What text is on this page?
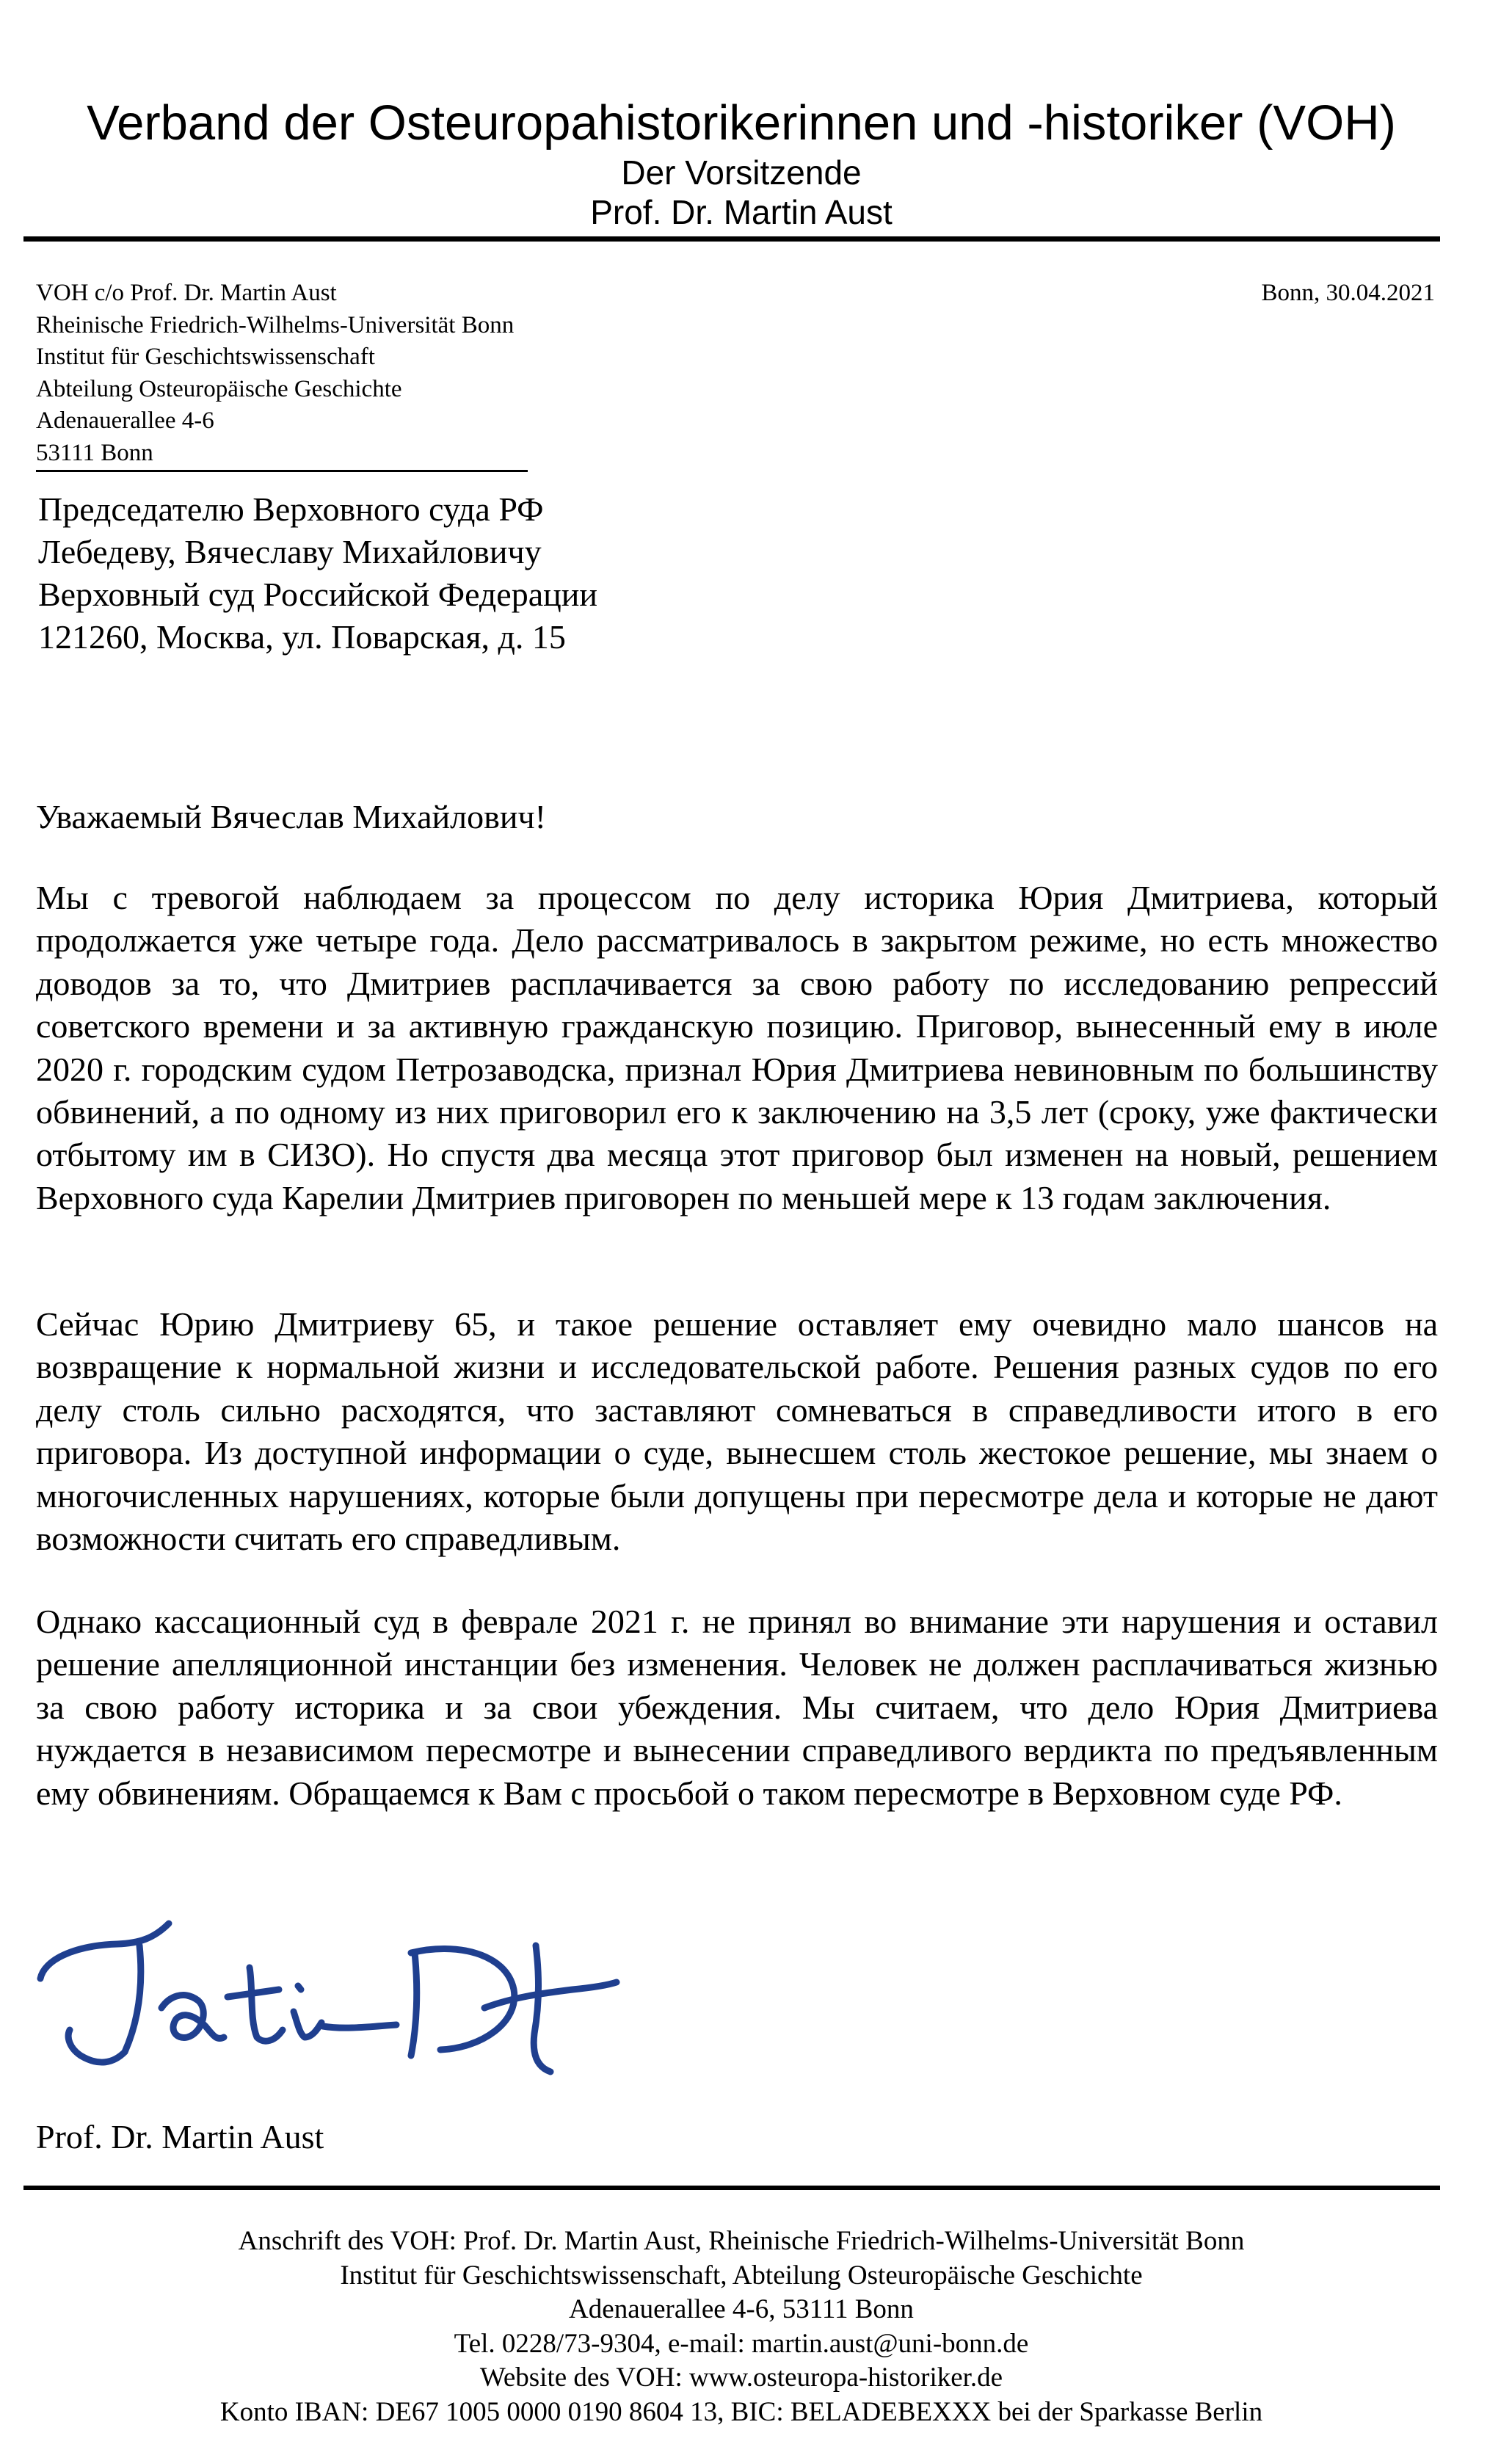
Verband der Osteuropahistorikerinnen und -historiker (VOH)
Der Vorsitzende
Prof. Dr. Martin Aust
VOH c/o Prof. Dr. Martin Aust
Rheinische Friedrich-Wilhelms-Universität Bonn
Institut für Geschichtswissenschaft
Abteilung Osteuropäische Geschichte
Adenauerallee 4-6
53111 Bonn
Bonn, 30.04.2021
Председателю Верховного суда РФ
Лебедеву, Вячеславу Михайловичу
Верховный суд Российской Федерации
121260, Москва, ул. Поварская, д. 15
Уважаемый Вячеслав Михайлович!
Мы с тревогой наблюдаем за процессом по делу историка Юрия Дмитриева, который продолжается уже четыре года. Дело рассматривалось в закрытом режиме, но есть множество доводов за то, что Дмитриев расплачивается за свою работу по исследованию репрессий советского времени и за активную гражданскую позицию. Приговор, вынесенный ему в июле 2020 г. городским судом Петрозаводска, признал Юрия Дмитриева невиновным по большинству обвинений, а по одному из них приговорил его к заключению на 3,5 лет (сроку, уже фактически отбытому им в СИЗО). Но спустя два месяца этот приговор был изменен на новый, решением Верховного суда Карелии Дмитриев приговорен по меньшей мере к 13 годам заключения.
Сейчас Юрию Дмитриеву 65, и такое решение оставляет ему очевидно мало шансов на возвращение к нормальной жизни и исследовательской работе. Решения разных судов по его делу столь сильно расходятся, что заставляют сомневаться в справедливости итого в его приговора. Из доступной информации о суде, вынесшем столь жестокое решение, мы знаем о многочисленных нарушениях, которые были допущены при пересмотре дела и которые не дают возможности считать его справедливым.
Однако кассационный суд в феврале 2021 г. не принял во внимание эти нарушения и оставил решение апелляционной инстанции без изменения. Человек не должен расплачиваться жизнью за свою работу историка и за свои убеждения. Мы считаем, что дело Юрия Дмитриева нуждается в независимом пересмотре и вынесении справедливого вердикта по предъявленным ему обвинениям. Обращаемся к Вам с просьбой о таком пересмотре в Верховном суде РФ.
Prof. Dr. Martin Aust
Anschrift des VOH: Prof. Dr. Martin Aust, Rheinische Friedrich-Wilhelms-Universität Bonn
Institut für Geschichtswissenschaft, Abteilung Osteuropäische Geschichte
Adenauerallee 4-6, 53111 Bonn
Tel. 0228/73-9304, e-mail: martin.aust@uni-bonn.de
Website des VOH: www.osteuropa-historiker.de
Konto IBAN: DE67 1005 0000 0190 8604 13, BIC: BELADEBEXXX bei der Sparkasse Berlin
